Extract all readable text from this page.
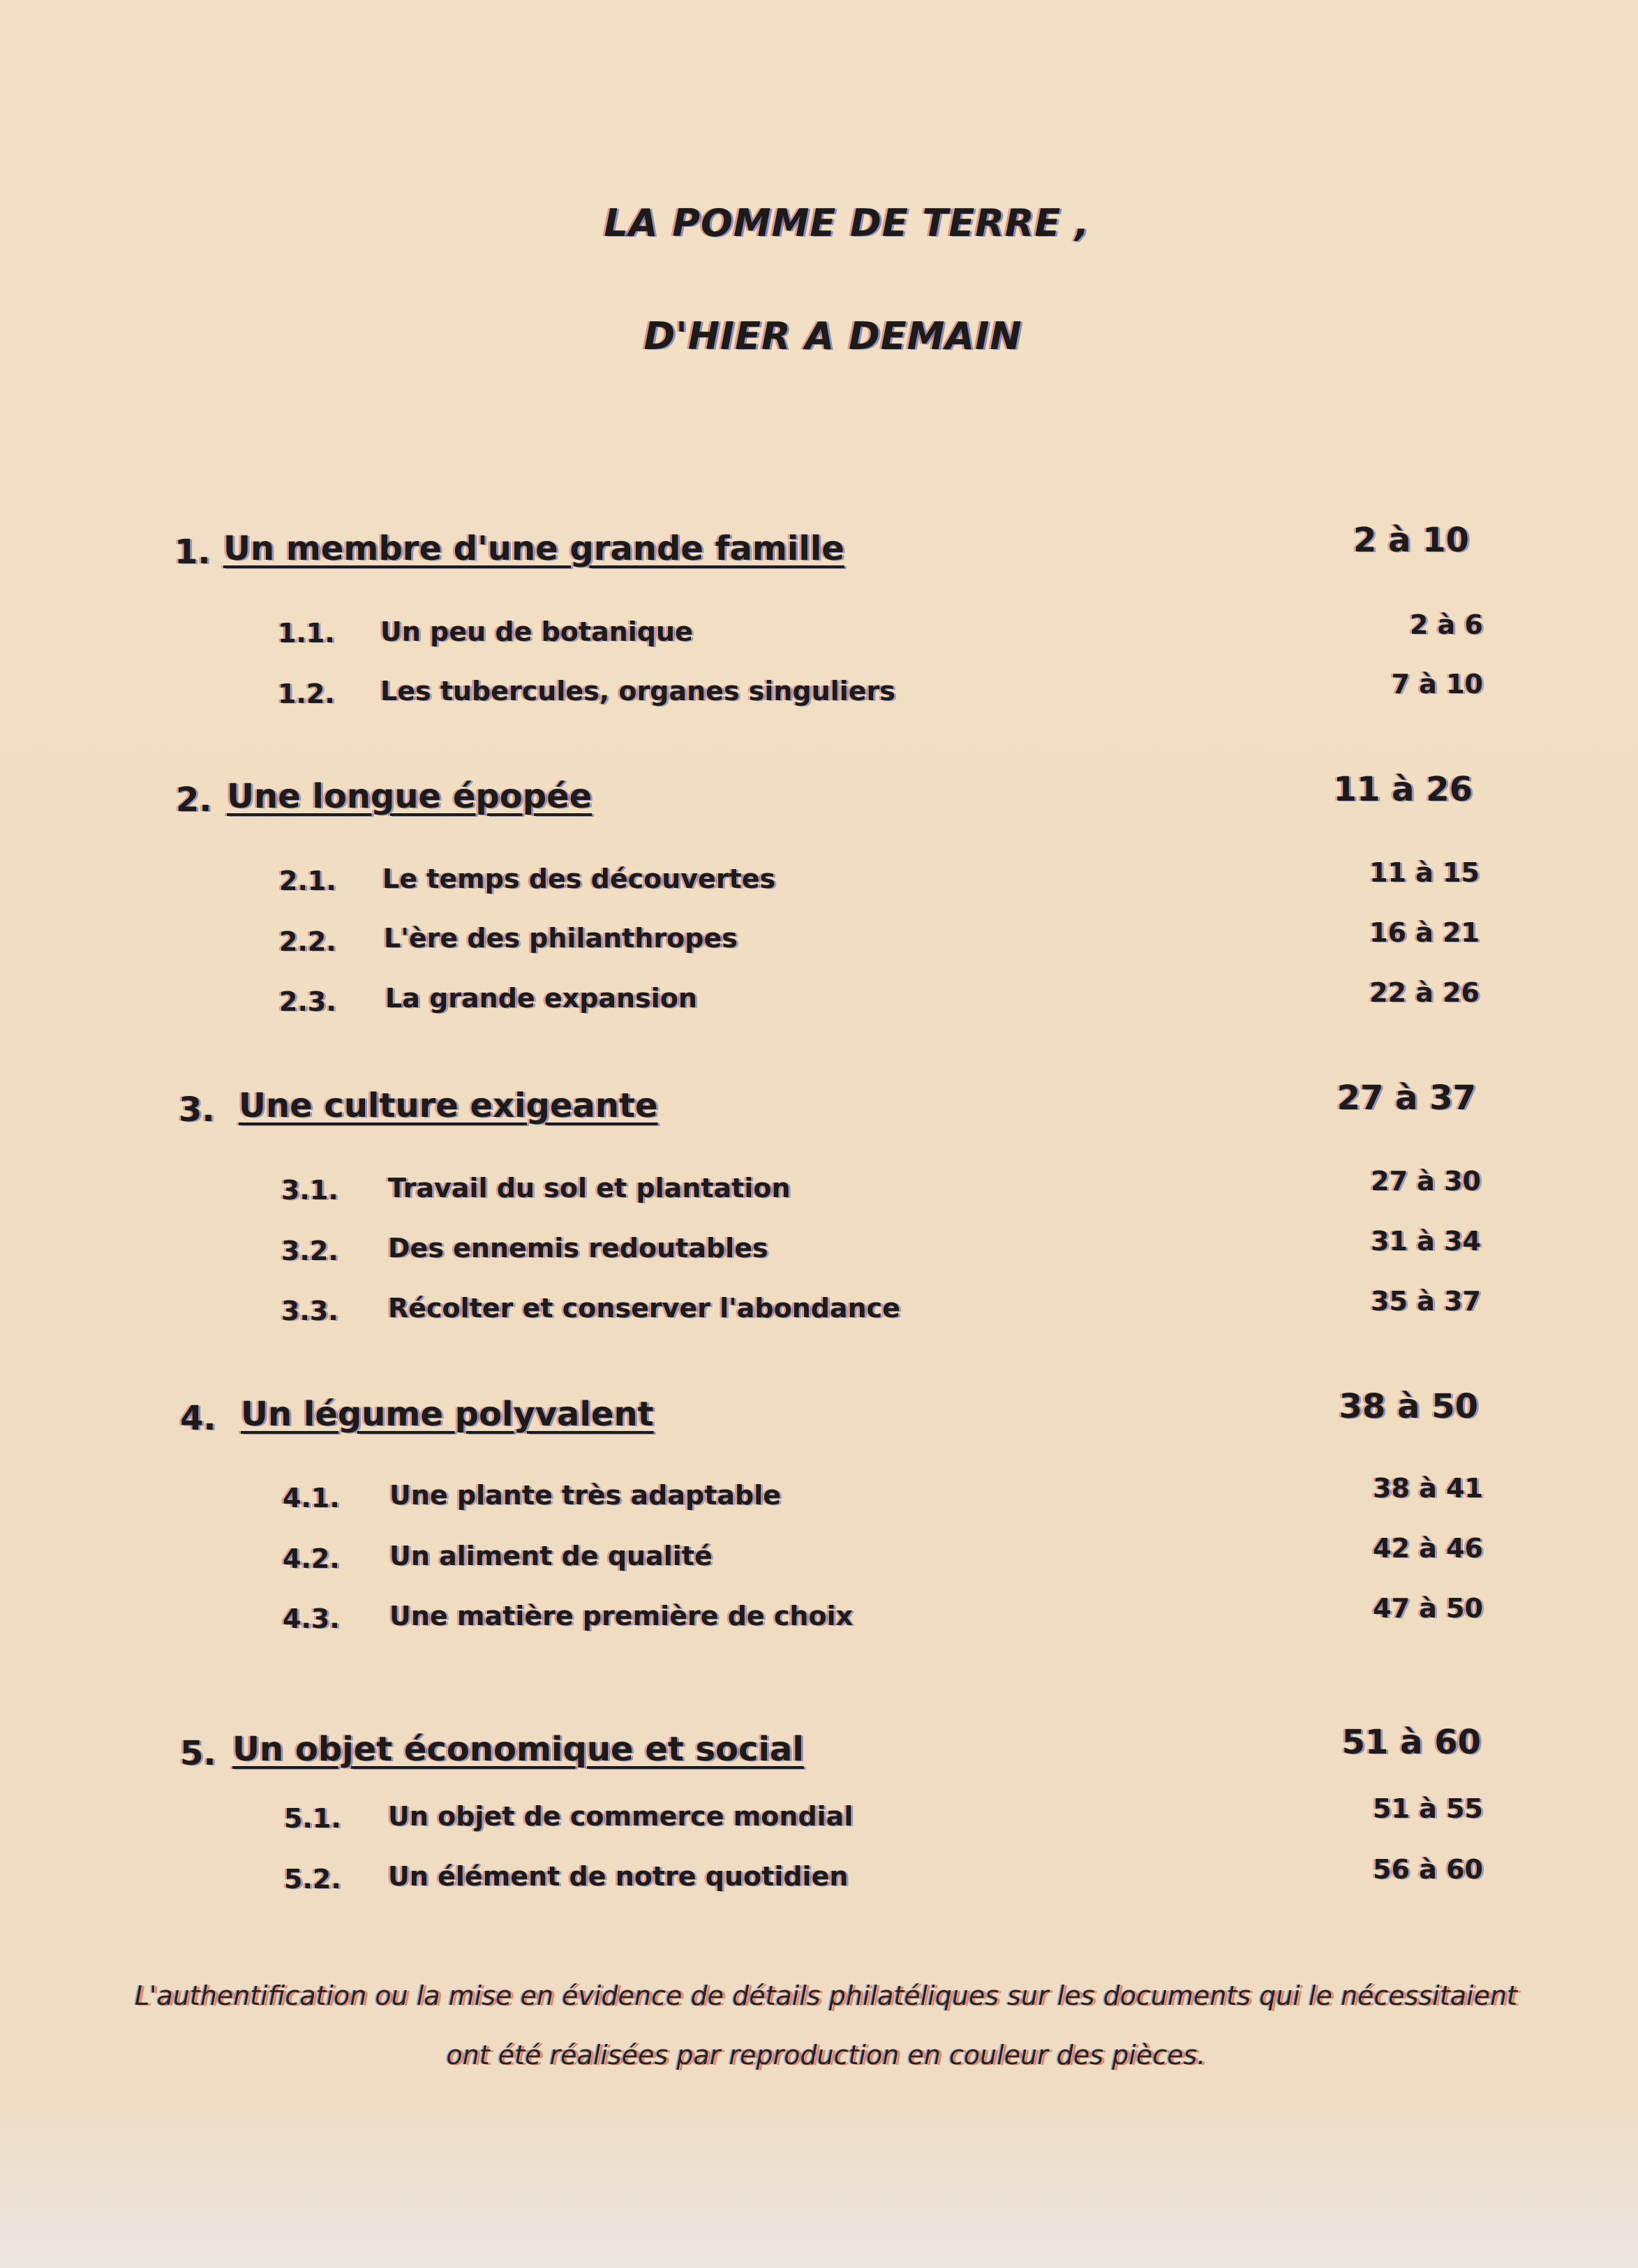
LA POMME DE TERRE ,
D'HIER A DEMAIN
1. Un membre d'une grande famille	2 à 10
1.1. Un peu de botanique	2 à 6
1.2. Les tubercules, organes singuliers	7 à 10
2. Une longue épopée	11 à 26
2.1. Le temps des découvertes	11 à 15
2.2. L'ère des philanthropes	16 à 21
2.3. La grande expansion	22 à 26
3. Une culture exigeante	27 à 37
3.1. Travail du sol et plantation	27 à 30
3.2. Des ennemis redoutables	31 à 34
3.3. Récolter et conserver l'abondance	35 à 37
4. Un légume polyvalent	38 à 50
4.1. Une plante très adaptable	38 à 41
4.2. Un aliment de qualité	42 à 46
4.3. Une matière première de choix	47 à 50
5. Un objet économique et social	51 à 60
5.1. Un objet de commerce mondial	51 à 55
5.2. Un élément de notre quotidien	56 à 60
L'authentification ou la mise en évidence de détails philatéliques sur les documents qui le nécessitaient
ont été réalisées par reproduction en couleur des pièces.
